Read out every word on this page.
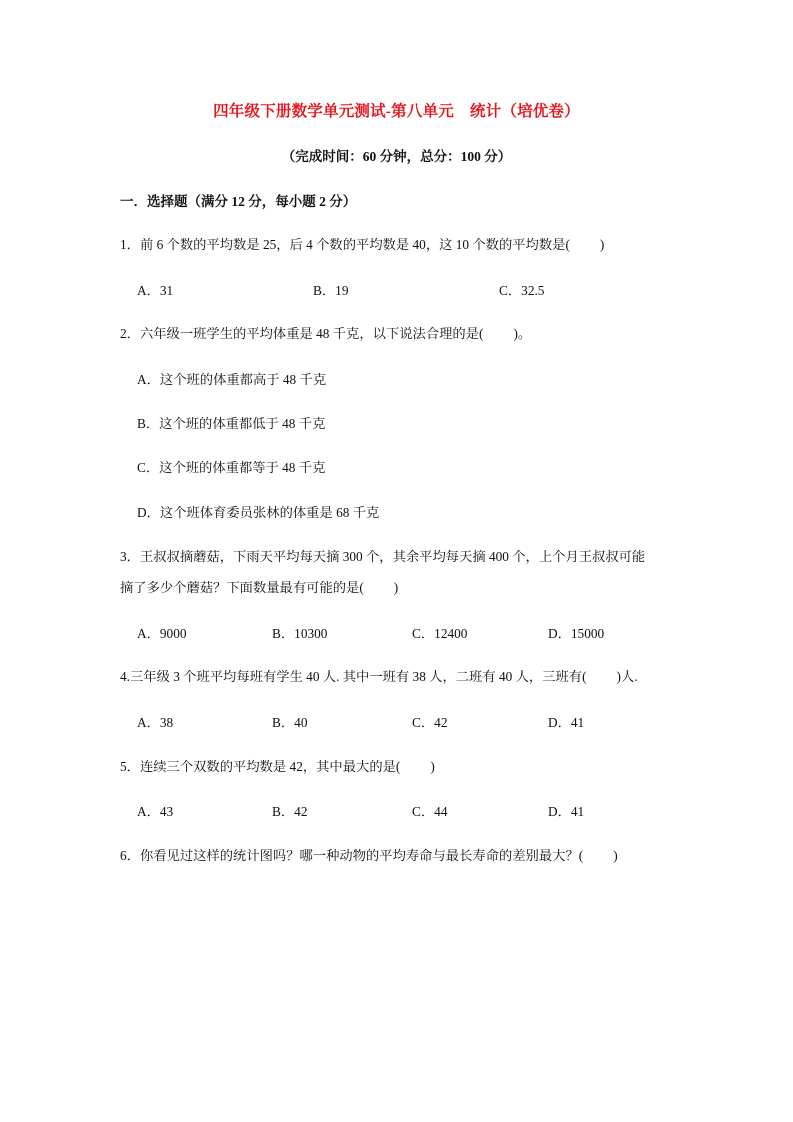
四年级下册数学单元测试-第八单元 统计（培优卷）
（完成时间：60 分钟，总分：100 分）
一．选择题（满分 12 分，每小题 2 分）
1．前 6 个数的平均数是 25，后 4 个数的平均数是 40，这 10 个数的平均数是( )
A．31	B．19	C．32.5
2．六年级一班学生的平均体重是 48 千克，以下说法合理的是( )。
A．这个班的体重都高于 48 千克
B．这个班的体重都低于 48 千克
C．这个班的体重都等于 48 千克
D．这个班体育委员张林的体重是 68 千克
3．王叔叔摘蘑菇，下雨天平均每天摘 300 个，其余平均每天摘 400 个，上个月王叔叔可能
摘了多少个蘑菇？下面数量最有可能的是( )
A．9000	B．10300	C．12400	D．15000
4.三年级 3 个班平均每班有学生 40 人. 其中一班有 38 人，二班有 40 人，三班有( )人.
A．38	B．40	C．42	D．41
5．连续三个双数的平均数是 42，其中最大的是( )
A．43	B．42	C．44	D．41
6．你看见过这样的统计图吗？哪一种动物的平均寿命与最长寿命的差别最大？( )
